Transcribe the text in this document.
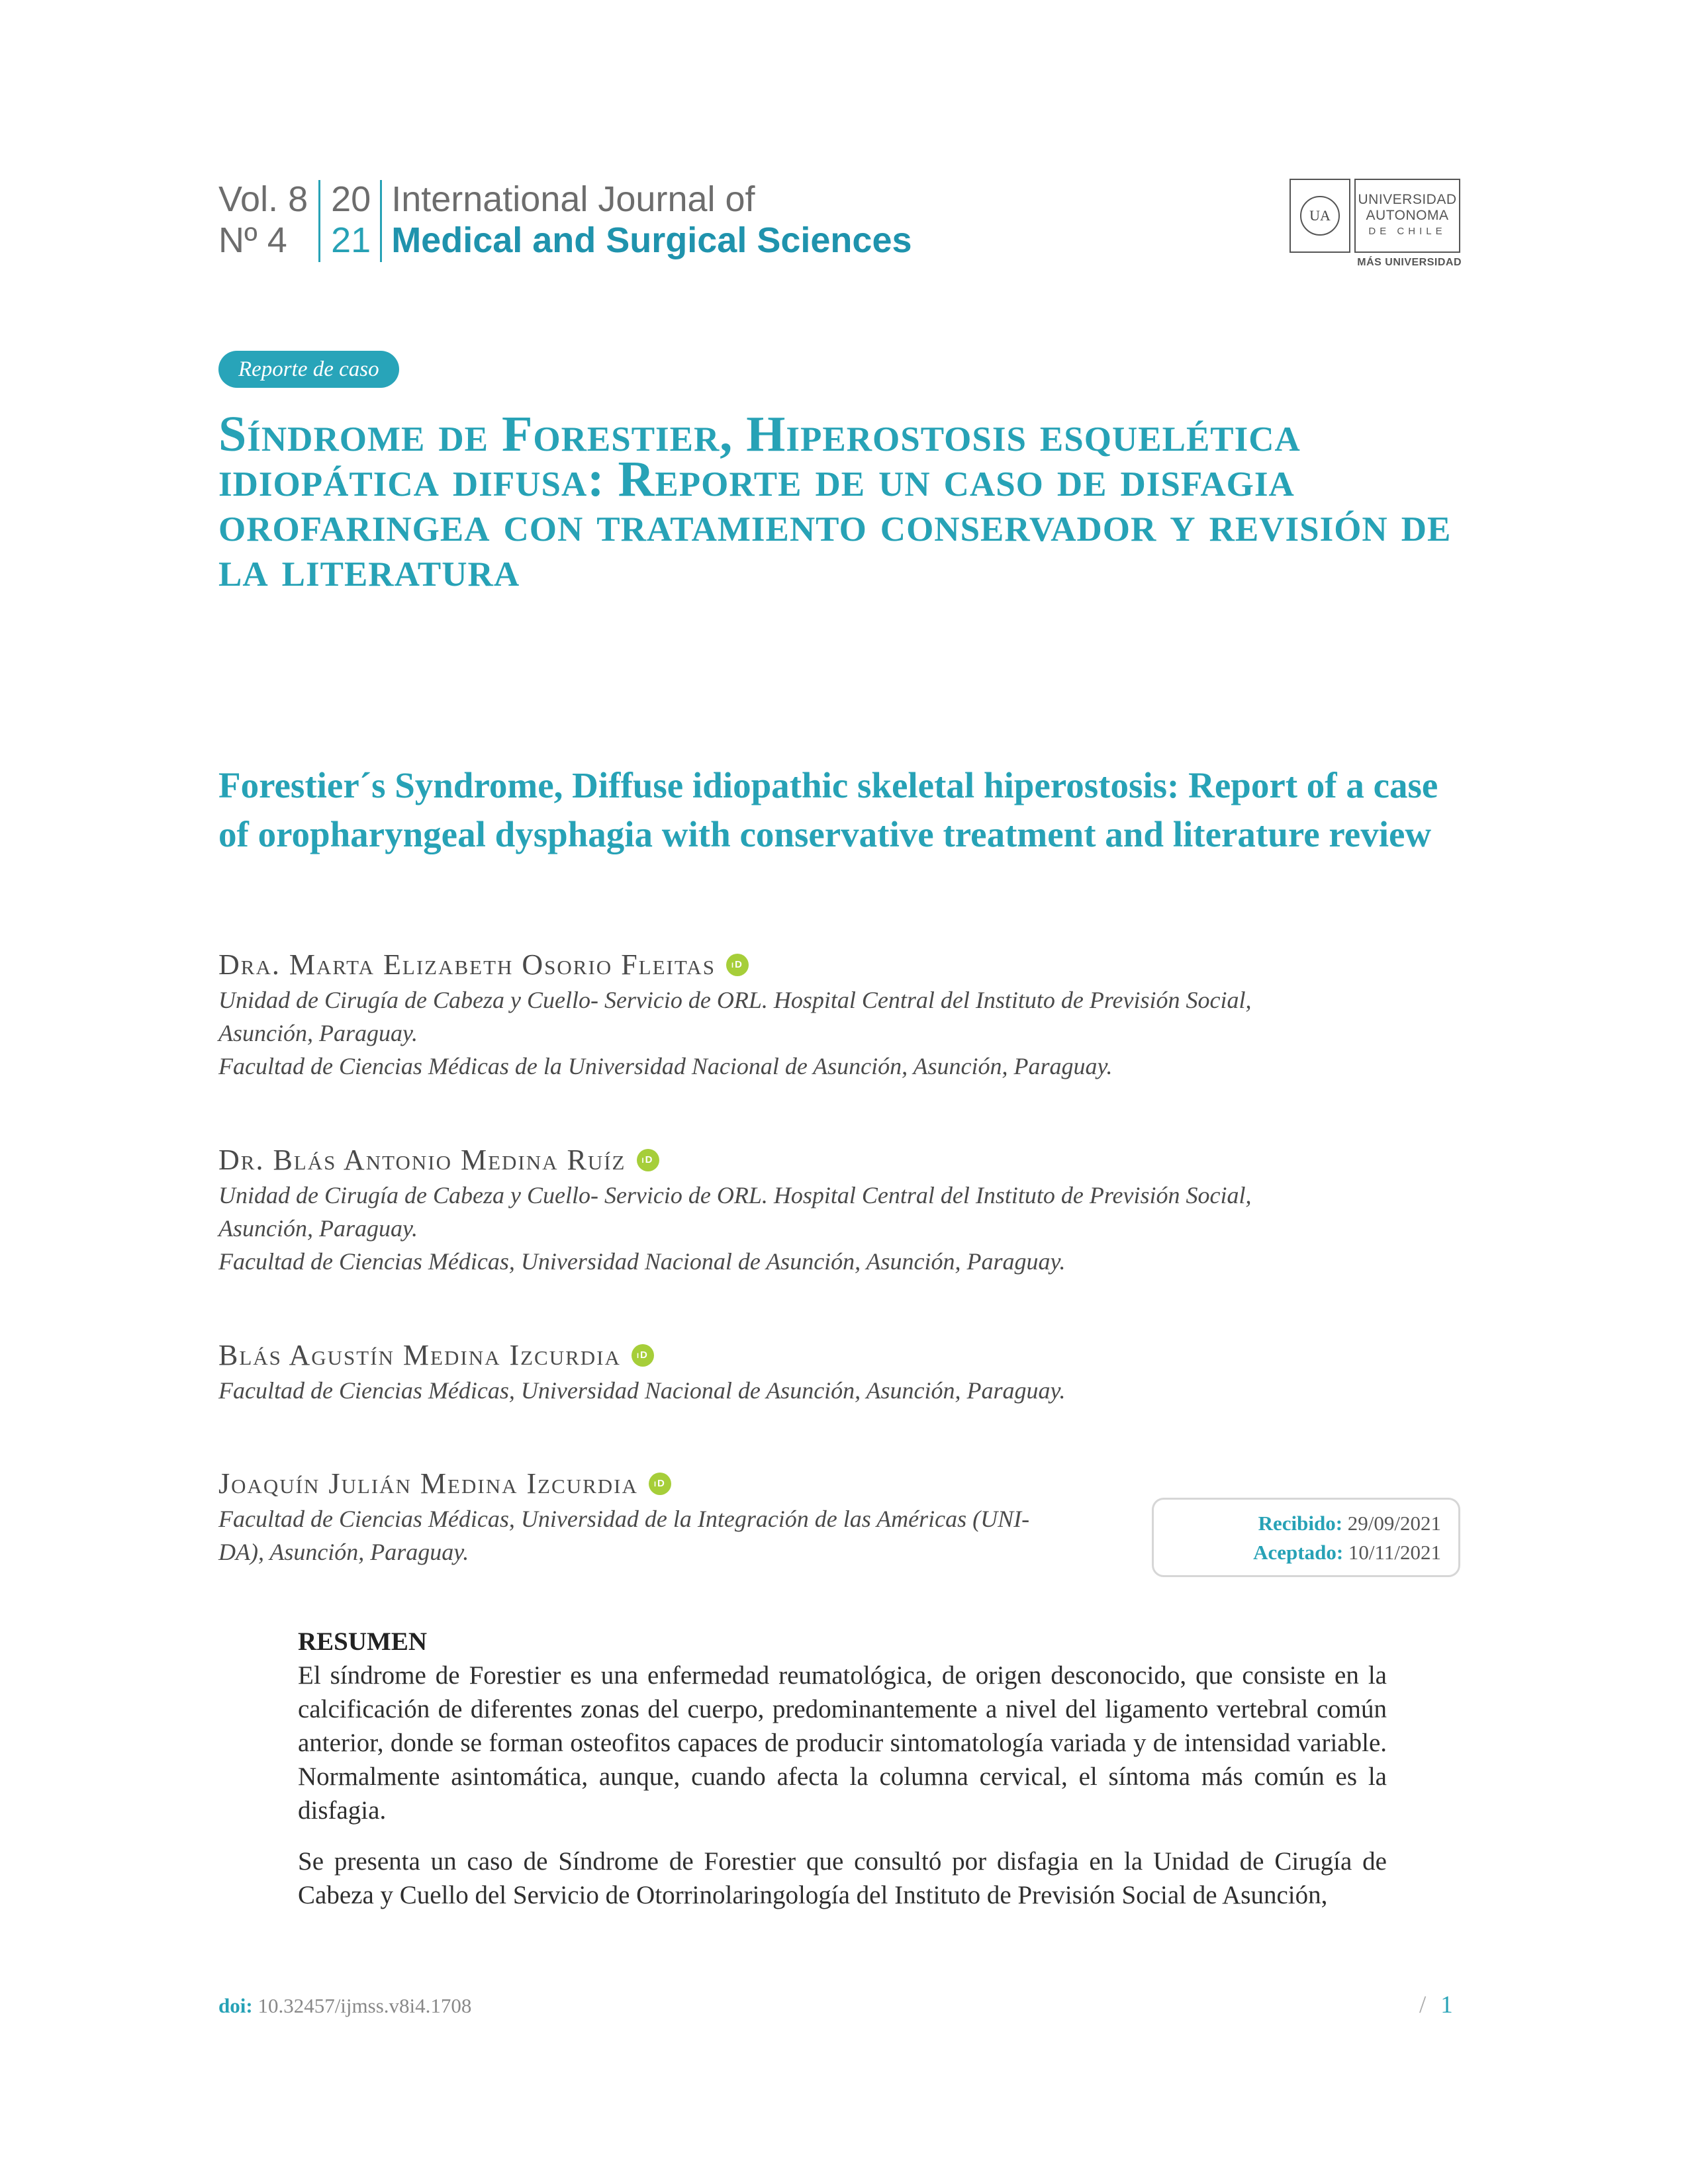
Vol. 8
Nº 4
20
21
International Journal of
Medical and Surgical Sciences
UA
UNIVERSIDAD
AUTONOMA
DE CHILE
MÁS UNIVERSIDAD
Reporte de caso
Síndrome de Forestier, Hiperostosis esquelética idiopática difusa: Reporte de un caso de disfagia orofaringea con tratamiento conservador y revisión de la literatura
Forestier´s Syndrome, Diffuse idiopathic skeletal hiperostosis: Report of a case of oropharyngeal dysphagia with conservative treatment and literature review
Dra. Marta Elizabeth Osorio Fleitas	iD
Unidad de Cirugía de Cabeza y Cuello- Servicio de ORL. Hospital Central del Instituto de Previsión Social,
Asunción, Paraguay.
Facultad de Ciencias Médicas de la Universidad Nacional de Asunción, Asunción, Paraguay.
Dr. Blás Antonio Medina Ruíz	iD
Unidad de Cirugía de Cabeza y Cuello- Servicio de ORL. Hospital Central del Instituto de Previsión Social,
Asunción, Paraguay.
Facultad de Ciencias Médicas, Universidad Nacional de Asunción, Asunción, Paraguay.
Blás Agustín Medina Izcurdia	iD
Facultad de Ciencias Médicas, Universidad Nacional de Asunción, Asunción, Paraguay.
Joaquín Julián Medina Izcurdia	iD
Facultad de Ciencias Médicas, Universidad de la Integración de las Américas (UNI-
DA), Asunción, Paraguay.
Recibido: 29/09/2021
Aceptado: 10/11/2021
RESUMEN

El síndrome de Forestier es una enfermedad reumatológica, de origen desconocido, que consiste en la calcificación de diferentes zonas del cuerpo, predominantemente a nivel del ligamento vertebral común anterior, donde se forman osteofitos capaces de producir sintomatología variada y de intensidad variable. Normalmente asintomática, aunque, cuando afecta la columna cervical, el síntoma más común es la disfagia.

Se presenta un caso de Síndrome de Forestier que consultó por disfagia en la Unidad de Cirugía de Cabeza y Cuello del Servicio de Otorrinolaringología del Instituto de Previsión Social de Asunción,

doi: 10.32457/ijmss.v8i4.1708	/ 1
